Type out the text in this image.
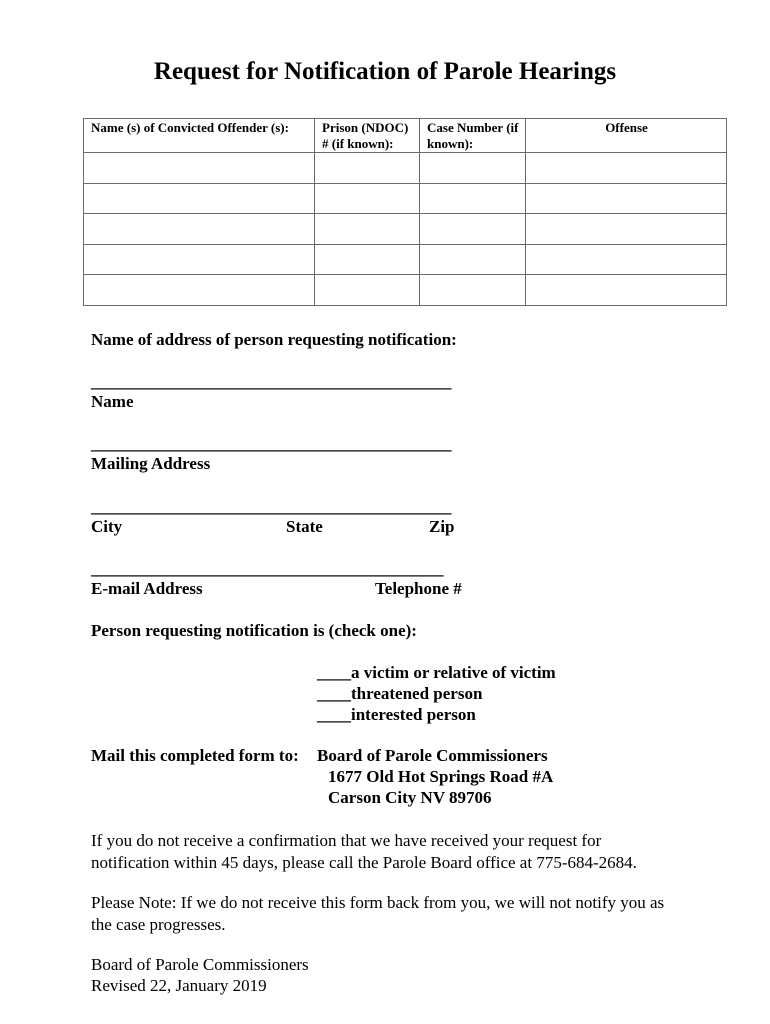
Request for Notification of Parole Hearings
Name (s) of Convicted Offender (s):	Prison (NDOC) # (if known):	Case Number (if known):	Offense

Name of address of person requesting notification:
_____________________________________________
Name
_____________________________________________
Mailing Address
_____________________________________________
City	State	Zip
____________________________________________
E-mail Address	Telephone #
Person requesting notification is (check one):
____a victim or relative of victim
____threatened person
____interested person
Mail this completed form to: Board of Parole Commissioners
1677 Old Hot Springs Road #A
Carson City NV 89706
If you do not receive a confirmation that we have received your request for notification within 45 days, please call the Parole Board office at 775-684-2684.
Please Note: If we do not receive this form back from you, we will not notify you as the case progresses.
Board of Parole Commissioners
Revised 22, January 2019
